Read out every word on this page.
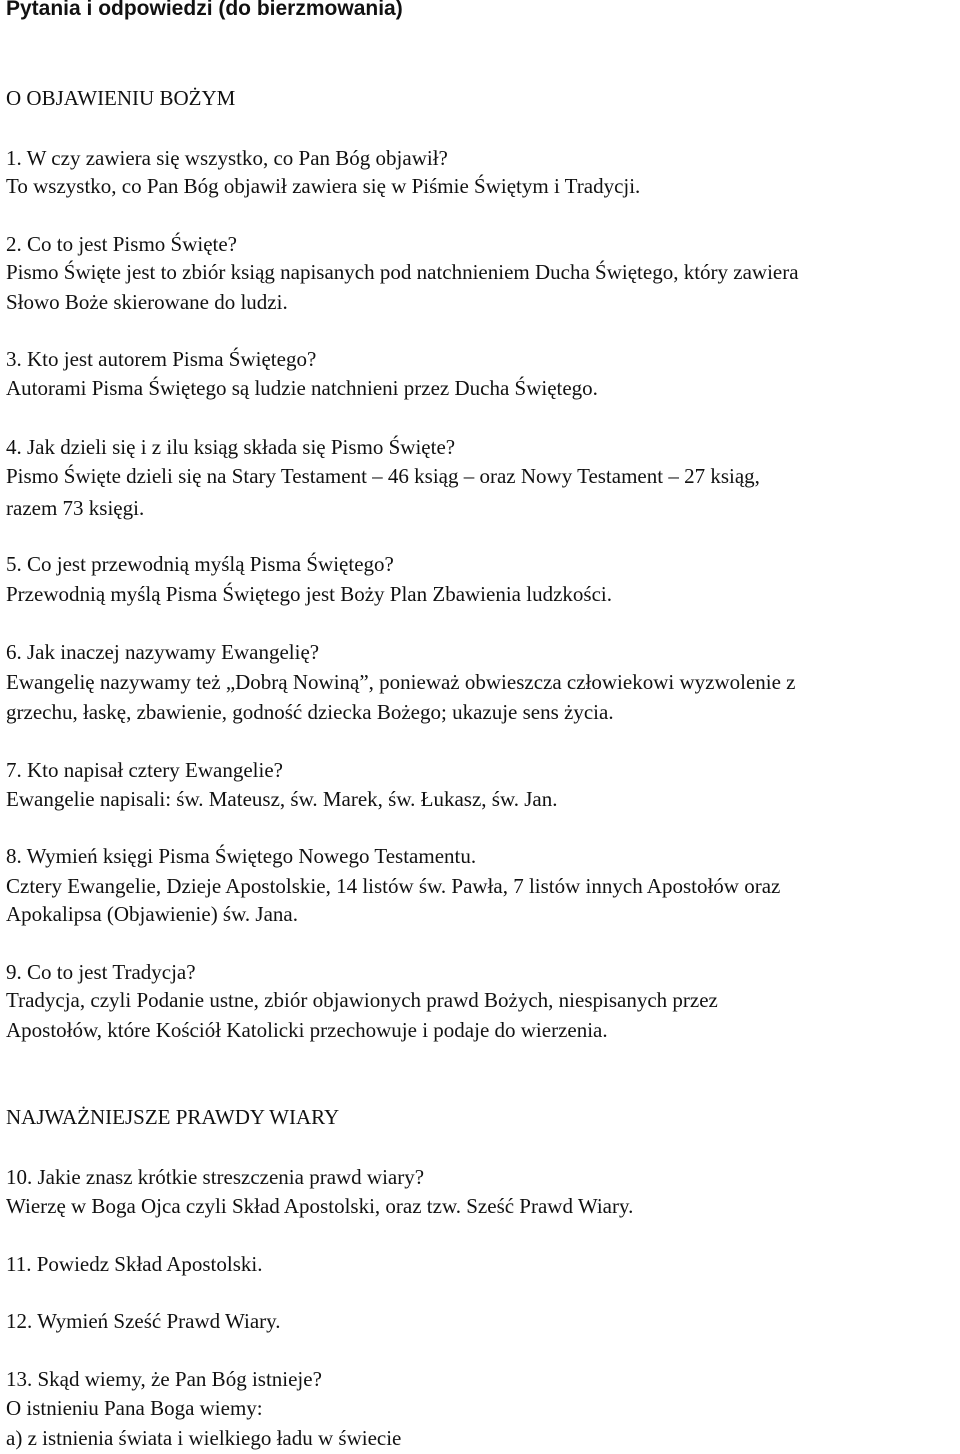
Pytania i odpowiedzi (do bierzmowania)

O OBJAWIENIU BOŻYM

1. W czy zawiera się wszystko, co Pan Bóg objawił?

To wszystko, co Pan Bóg objawił zawiera się w Piśmie Świętym i Tradycji.

2. Co to jest Pismo Święte?

Pismo Święte jest to zbiór ksiąg napisanych pod natchnieniem Ducha Świętego, który zawiera

Słowo Boże skierowane do ludzi.

3. Kto jest autorem Pisma Świętego?

Autorami Pisma Świętego są ludzie natchnieni przez Ducha Świętego.

4. Jak dzieli się i z ilu ksiąg składa się Pismo Święte?

Pismo Święte dzieli się na Stary Testament – 46 ksiąg – oraz Nowy Testament – 27 ksiąg,

razem 73 księgi.

5. Co jest przewodnią myślą Pisma Świętego?

Przewodnią myślą Pisma Świętego jest Boży Plan Zbawienia ludzkości.

6. Jak inaczej nazywamy Ewangelię?

Ewangelię nazywamy też „Dobrą Nowiną”, ponieważ obwieszcza człowiekowi wyzwolenie z

grzechu, łaskę, zbawienie, godność dziecka Bożego; ukazuje sens życia.

7. Kto napisał cztery Ewangelie?

Ewangelie napisali: św. Mateusz, św. Marek, św. Łukasz, św. Jan.

8. Wymień księgi Pisma Świętego Nowego Testamentu.

Cztery Ewangelie, Dzieje Apostolskie, 14 listów św. Pawła, 7 listów innych Apostołów oraz

Apokalipsa (Objawienie) św. Jana.

9. Co to jest Tradycja?

Tradycja, czyli Podanie ustne, zbiór objawionych prawd Bożych, niespisanych przez

Apostołów, które Kościół Katolicki przechowuje i podaje do wierzenia.

NAJWAŻNIEJSZE PRAWDY WIARY

10. Jakie znasz krótkie streszczenia prawd wiary?

Wierzę w Boga Ojca czyli Skład Apostolski, oraz tzw. Sześć Prawd Wiary.

11. Powiedz Skład Apostolski.

12. Wymień Sześć Prawd Wiary.

13. Skąd wiemy, że Pan Bóg istnieje?

O istnieniu Pana Boga wiemy:

a) z istnienia świata i wielkiego ładu w świecie
